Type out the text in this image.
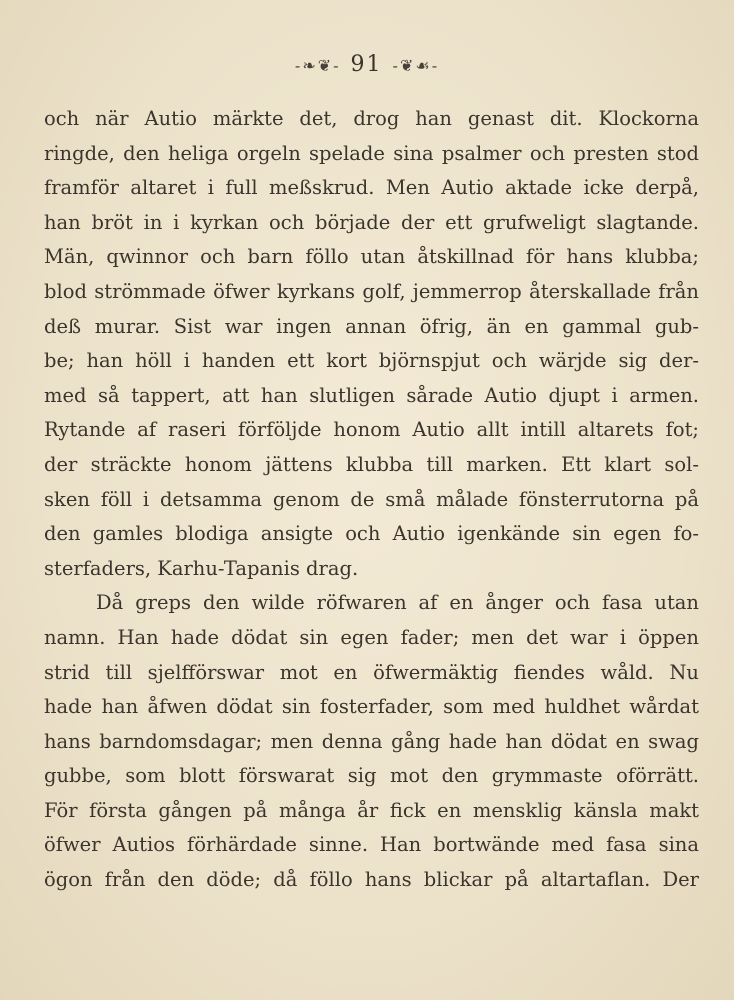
-❧❦- 91 -❦☙-
och när Autio märkte det, drog han genast dit. Klockorna
ringde, den heliga orgeln spelade sina psalmer och presten stod
framför altaret i full meßskrud. Men Autio aktade icke derpå,
han bröt in i kyrkan och började der ett grufweligt slagtande.
Män, qwinnor och barn föllo utan åtskillnad för hans klubba;
blod strömmade öfwer kyrkans golf, jemmerrop återskallade från
deß murar. Sist war ingen annan öfrig, än en gammal gub-
be; han höll i handen ett kort björnspjut och wärjde sig der-
med så tappert, att han slutligen sårade Autio djupt i armen.
Rytande af raseri förföljde honom Autio allt intill altarets fot;
der sträckte honom jättens klubba till marken. Ett klart sol-
sken föll i detsamma genom de små målade fönsterrutorna på
den gamles blodiga ansigte och Autio igenkände sin egen fo-
sterfaders, Karhu-Tapanis drag.
Då greps den wilde röfwaren af en ånger och fasa utan
namn. Han hade dödat sin egen fader; men det war i öppen
strid till sjelfförswar mot en öfwermäktig fiendes wåld. Nu
hade han åfwen dödat sin fosterfader, som med huldhet wårdat
hans barndomsdagar; men denna gång hade han dödat en swag
gubbe, som blott förswarat sig mot den grymmaste oförrätt.
För första gången på många år fick en mensklig känsla makt
öfwer Autios förhärdade sinne. Han bortwände med fasa sina
ögon från den döde; då föllo hans blickar på altartaflan. Der
